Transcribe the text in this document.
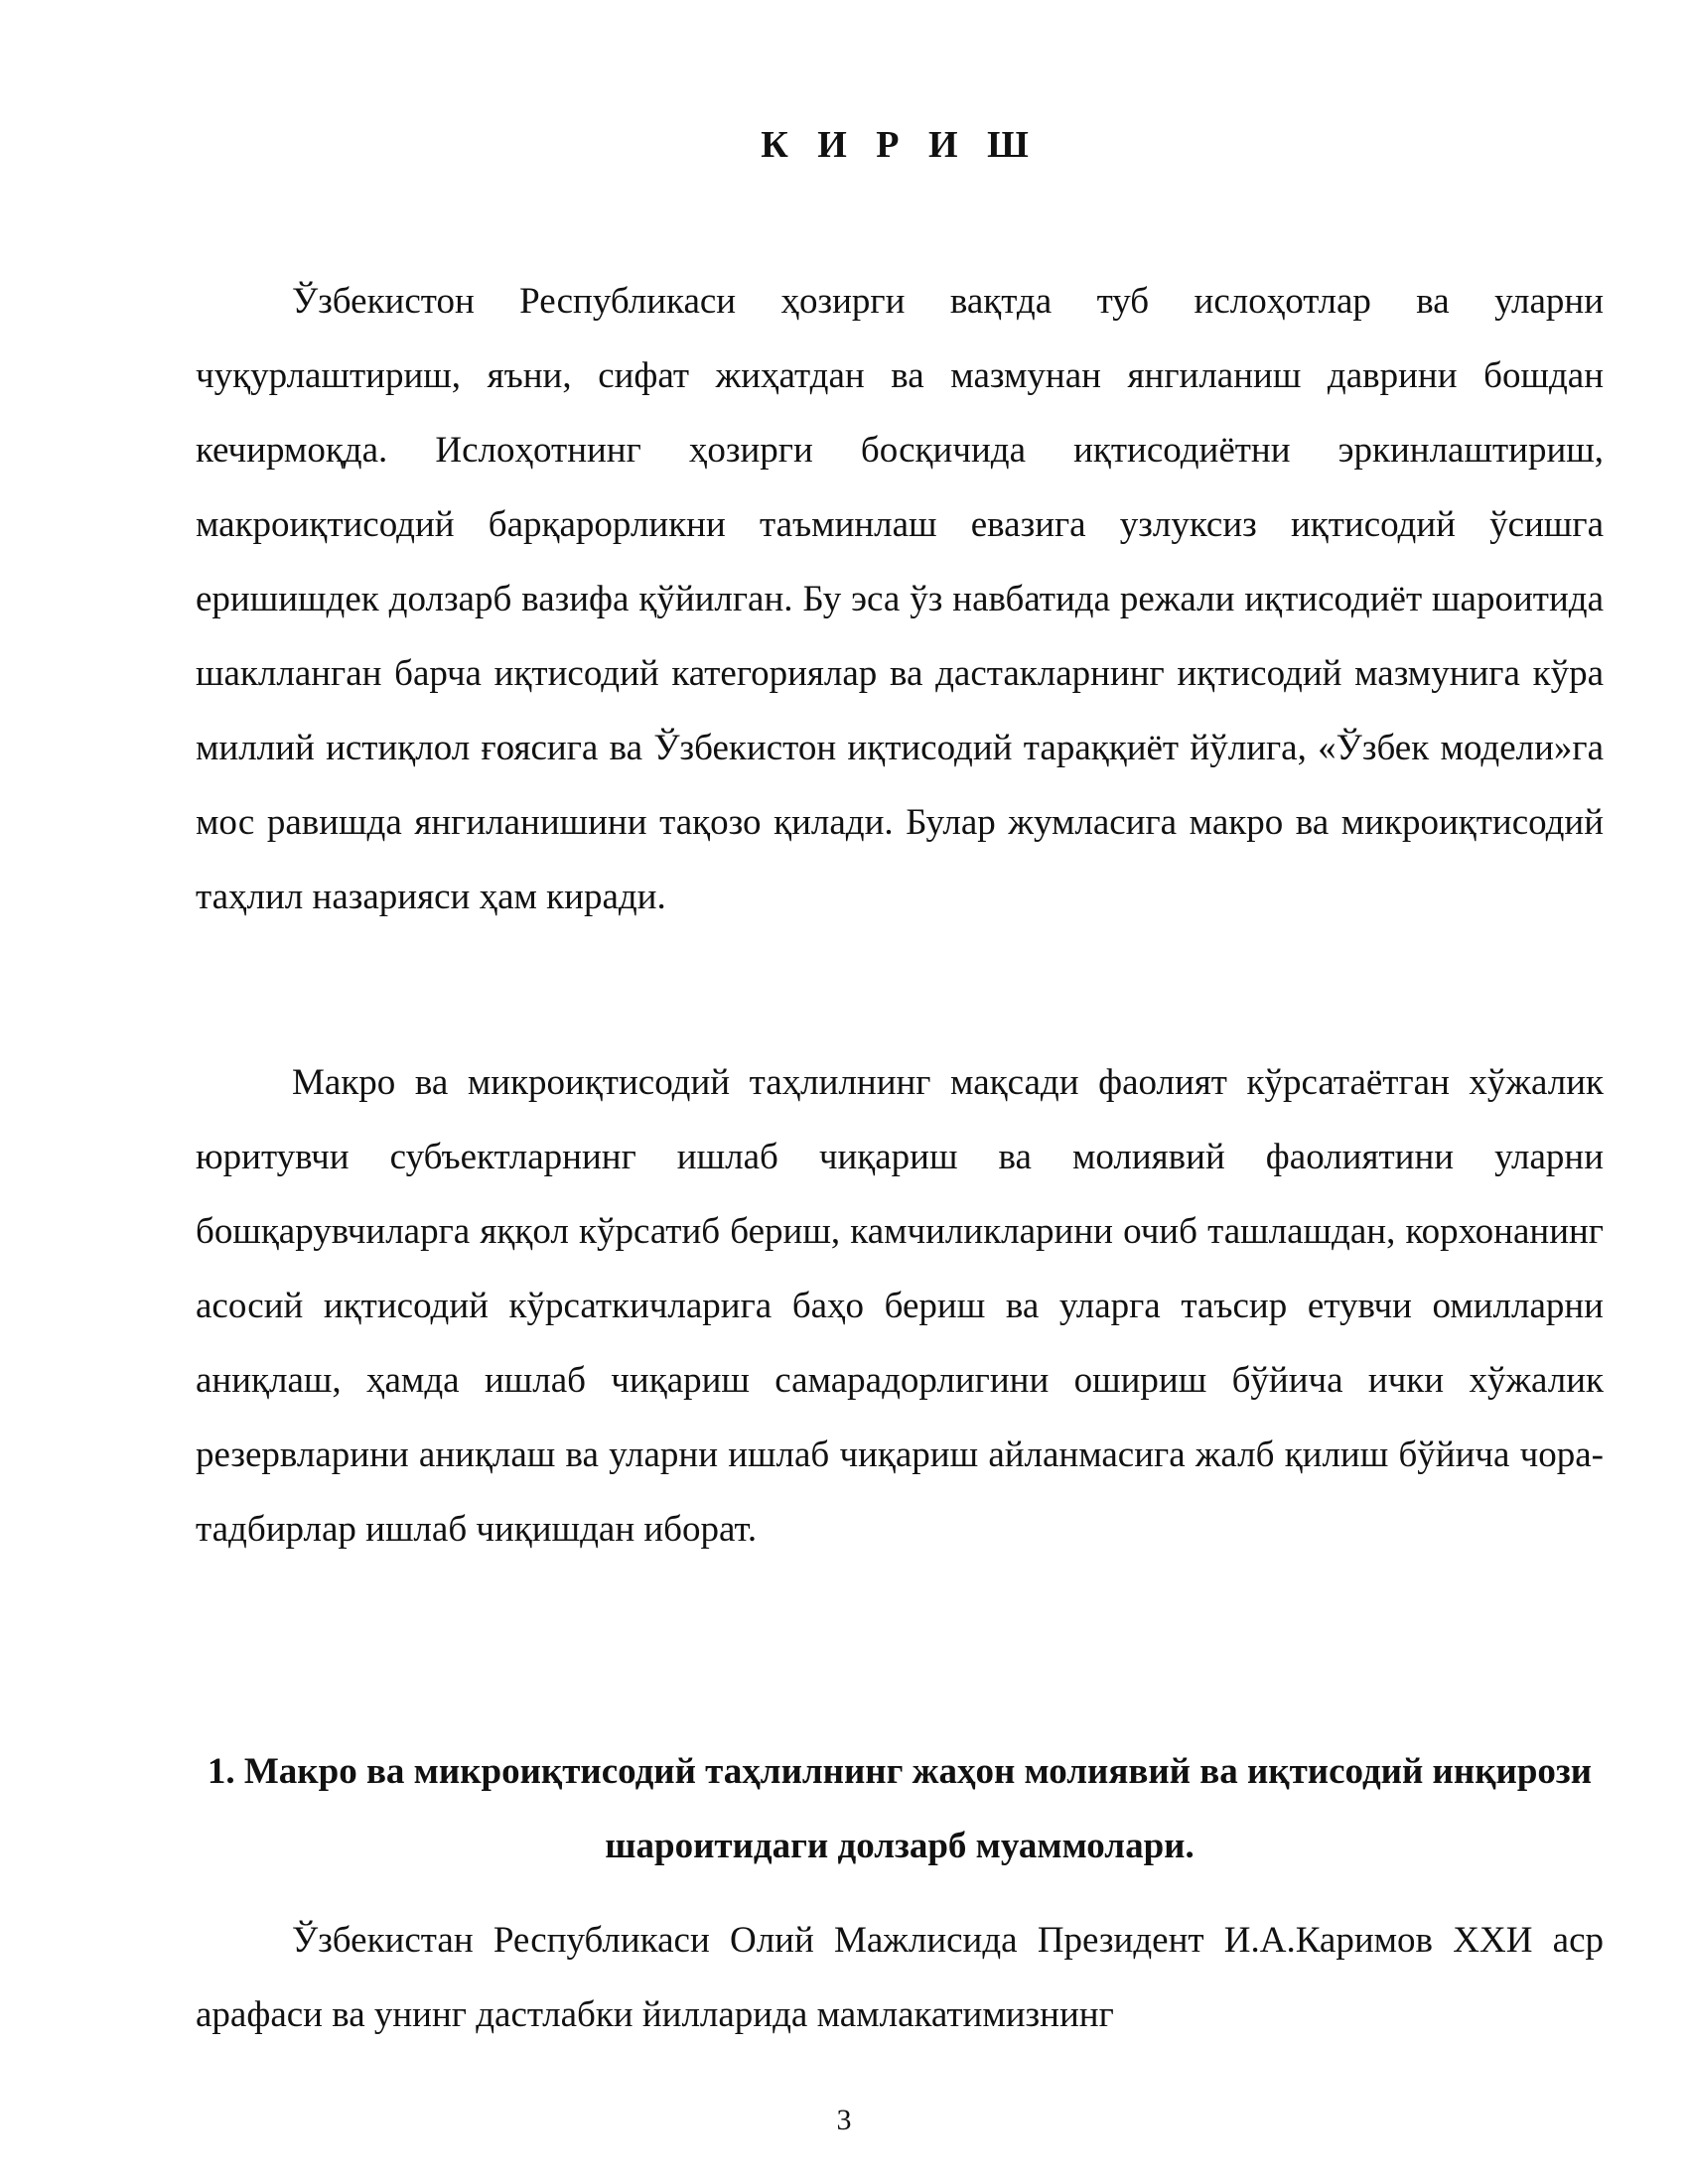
К И Р И Ш

Ўзбекистон Республикаси ҳозирги вақтда туб ислоҳотлар ва уларни чуқурлаштириш, яъни, сифат жиҳатдан ва мазмунан янгиланиш даврини бошдан кечирмоқда. Ислоҳотнинг ҳозирги босқичида иқтисодиётни эркинлаштириш, макроиқтисодий барқарорликни таъминлаш евазига узлуксиз иқтисодий ўсишга еришишдек долзарб вазифа қўйилган. Бу эса ўз навбатида режали иқтисодиёт шароитида шаклланган барча иқтисодий категориялар ва дастакларнинг иқтисодий мазмунига кўра миллий истиқлол ғоясига ва Ўзбекистон иқтисодий тараққиёт йўлига, «Ўзбек модели»га мос равишда янгиланишини тақозо қилади. Булар жумласига макро ва микроиқтисодий таҳлил назарияси ҳам киради.

Макро ва микроиқтисодий таҳлилнинг мақсади фаолият кўрсатаётган хўжалик юритувчи субъектларнинг ишлаб чиқариш ва молиявий фаолиятини уларни бошқарувчиларга яққол кўрсатиб бериш, камчиликларини очиб ташлашдан, корхонанинг асосий иқтисодий кўрсаткичларига баҳо бериш ва уларга таъсир етувчи омилларни аниқлаш, ҳамда ишлаб чиқариш самарадорлигини ошириш бўйича ички хўжалик резервларини аниқлаш ва уларни ишлаб чиқариш айланмасига жалб қилиш бўйича чора-тадбирлар ишлаб чиқишдан иборат.

1. Макро ва микроиқтисодий таҳлилнинг жаҳон молиявий ва иқтисодий инқирози шароитидаги долзарб муаммолари.

Ўзбекистан Республикаси Олий Мажлисида Президент И.А.Каримов XXИ аср арафаси ва унинг дастлабки йилларида мамлакатимизнинг

3
